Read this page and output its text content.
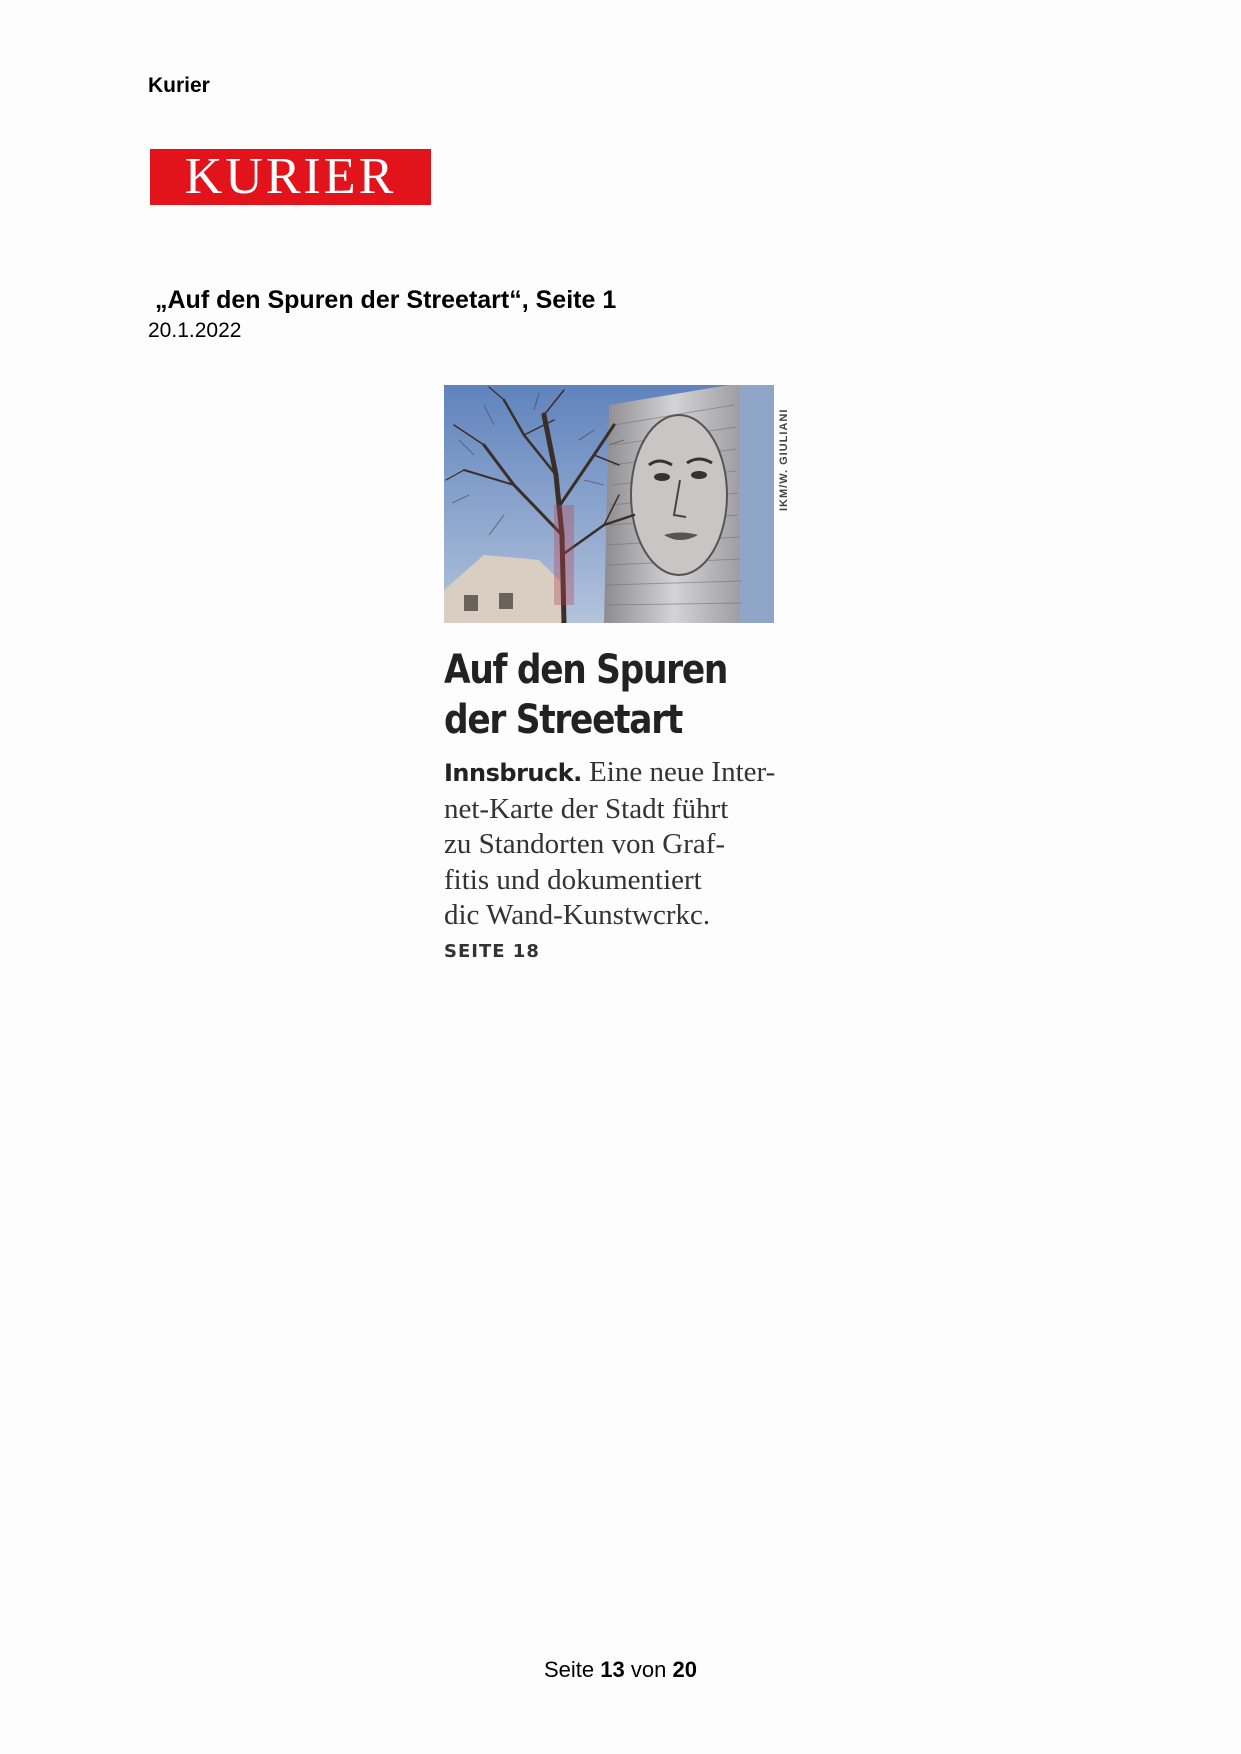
Kurier
KURIER
„Auf den Spuren der Streetart“, Seite 1
20.1.2022
IKM/W. GIULIANI
Auf den Spuren
der Streetart
Innsbruck. Eine neue Inter-
net-Karte der Stadt führt
zu Standorten von Graf-
fitis und dokumentiert
dic Wand-Kunstwcrkc.
SEITE 18
Seite 13 von 20
